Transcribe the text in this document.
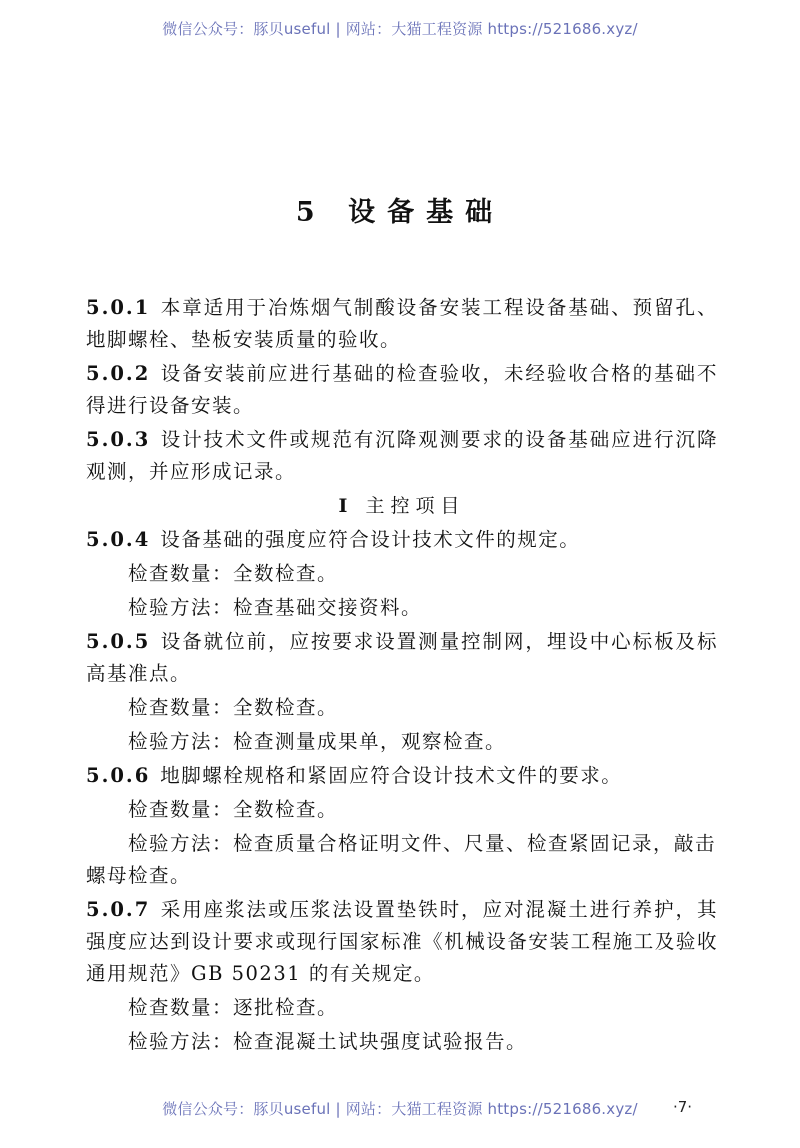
微信公众号：豚贝useful | 网站：大猫工程资源 https://521686.xyz/
5 设备基础

5.0.1 本章适用于冶炼烟气制酸设备安装工程设备基础、预留孔、地脚螺栓、垫板安装质量的验收。

5.0.2 设备安装前应进行基础的检查验收，未经验收合格的基础不得进行设备安装。

5.0.3 设计技术文件或规范有沉降观测要求的设备基础应进行沉降观测，并应形成记录。

I 主控项目

5.0.4 设备基础的强度应符合设计技术文件的规定。

检查数量：全数检查。

检验方法：检查基础交接资料。

5.0.5 设备就位前，应按要求设置测量控制网，埋设中心标板及标高基准点。

检查数量：全数检查。

检验方法：检查测量成果单，观察检查。

5.0.6 地脚螺栓规格和紧固应符合设计技术文件的要求。

检查数量：全数检查。

检验方法：检查质量合格证明文件、尺量、检查紧固记录，敲击
螺母检查。

5.0.7 采用座浆法或压浆法设置垫铁时，应对混凝土进行养护，其强度应达到设计要求或现行国家标准《机械设备安装工程施工及验收通用规范》GB 50231 的有关规定。

检查数量：逐批检查。

检验方法：检查混凝土试块强度试验报告。

微信公众号：豚贝useful | 网站：大猫工程资源 https://521686.xyz/	·7·
